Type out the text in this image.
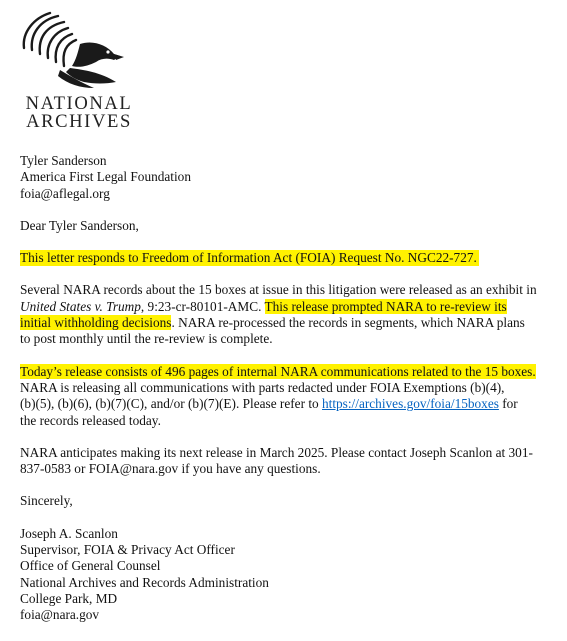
NATIONAL
ARCHIVES
Tyler Sanderson
America First Legal Foundation
foia@aflegal.org

Dear Tyler Sanderson,

This letter responds to Freedom of Information Act (FOIA) Request No. NGC22-727.

Several NARA records about the 15 boxes at issue in this litigation were released as an exhibit in
United States v. Trump, 9:23-cr-80101-AMC. This release prompted NARA to re-review its
initial withholding decisions. NARA re-processed the records in segments, which NARA plans
to post monthly until the re-review is complete.

Today’s release consists of 496 pages of internal NARA communications related to the 15 boxes.
NARA is releasing all communications with parts redacted under FOIA Exemptions (b)(4),
(b)(5), (b)(6), (b)(7)(C), and/or (b)(7)(E). Please refer to https://archives.gov/foia/15boxes for
the records released today.

NARA anticipates making its next release in March 2025. Please contact Joseph Scanlon at 301-
837-0583 or FOIA@nara.gov if you have any questions.

Sincerely,

Joseph A. Scanlon
Supervisor, FOIA & Privacy Act Officer
Office of General Counsel
National Archives and Records Administration
College Park, MD
foia@nara.gov
